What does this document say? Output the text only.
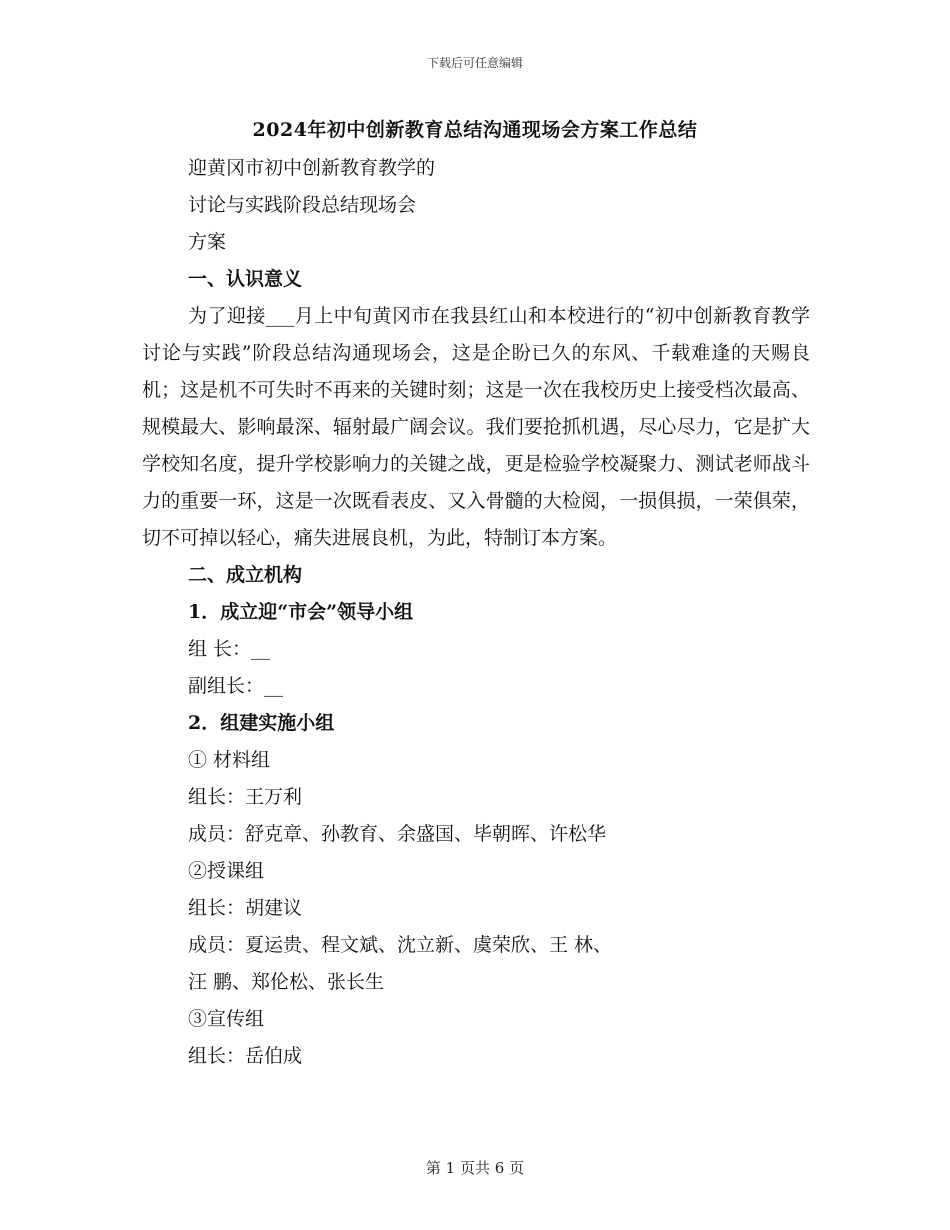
下载后可任意编辑
2024年初中创新教育总结沟通现场会方案工作总结
迎黄冈市初中创新教育教学的
讨论与实践阶段总结现场会
方案
一、认识意义
为了迎接___月上中旬黄冈市在我县红山和本校进行的“初中创新教育教学讨论与实践”阶段总结沟通现场会，这是企盼已久的东风、千载难逢的天赐良机；这是机不可失时不再来的关键时刻；这是一次在我校历史上接受档次最高、规模最大、影响最深、辐射最广阔会议。我们要抢抓机遇，尽心尽力，它是扩大学校知名度，提升学校影响力的关键之战，更是检验学校凝聚力、测试老师战斗力的重要一环，这是一次既看表皮、又入骨髓的大检阅，一损俱损，一荣俱荣，切不可掉以轻心，痛失进展良机，为此，特制订本方案。
二、成立机构
1．成立迎“市会”领导小组
组 长：__
副组长：__
2．组建实施小组
① 材料组
组长：王万利
成员：舒克章、孙教育、余盛国、毕朝晖、许松华
②授课组
组长：胡建议
成员：夏运贵、程文斌、沈立新、虞荣欣、王 林、
汪 鹏、郑伦松、张长生
③宣传组
组长：岳伯成
第 1 页共 6 页
